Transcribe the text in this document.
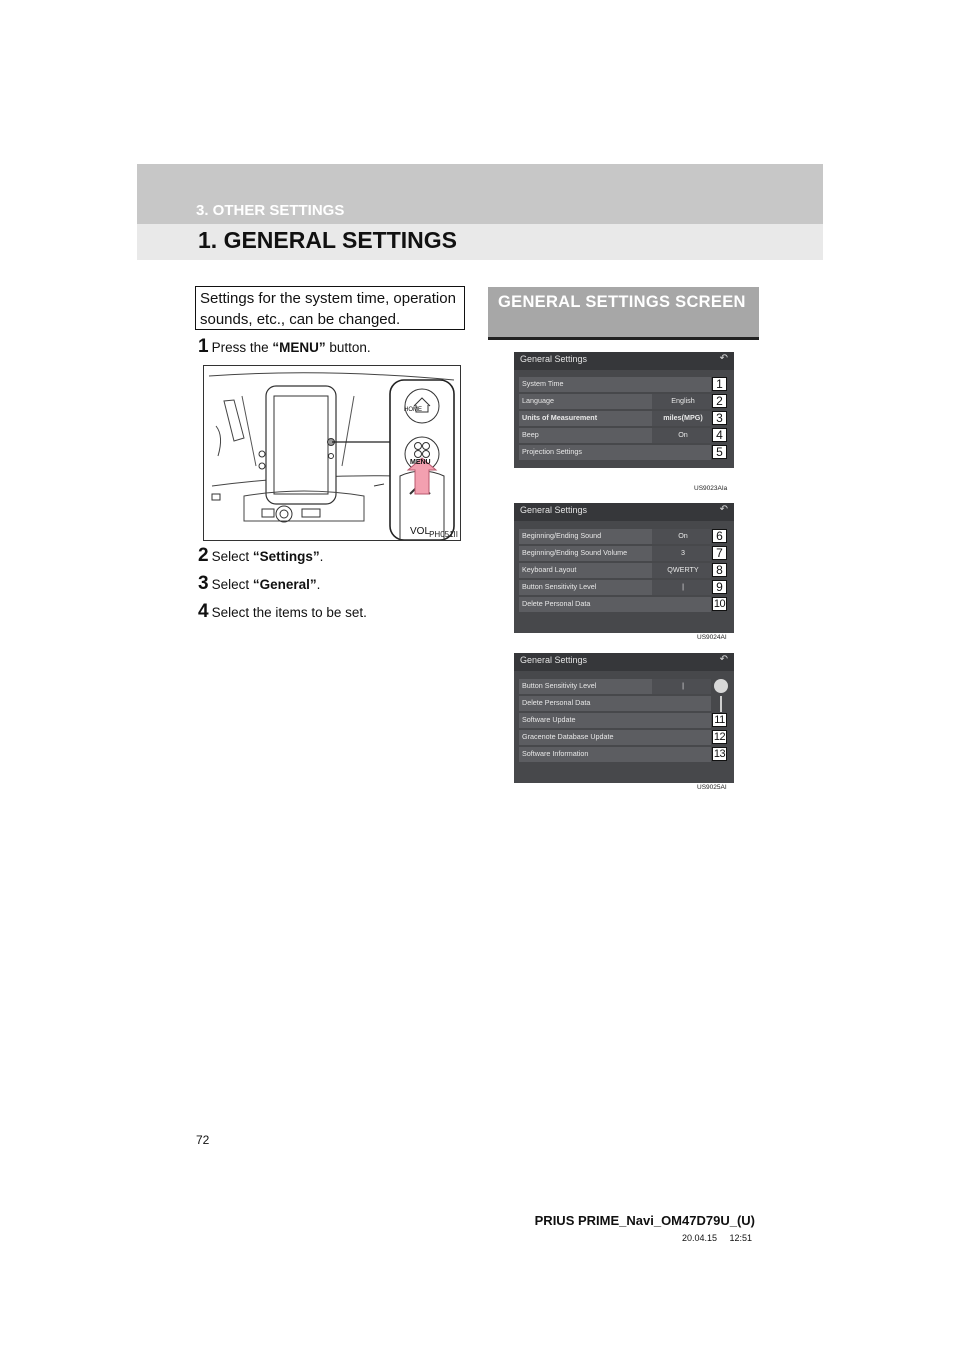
3. OTHER SETTINGS
1. GENERAL SETTINGS
Settings for the system time, operation sounds, etc., can be changed.
1 Press the “MENU” button.
HOME
MENU
VOL PH051II
2 Select “Settings”.
3 Select “General”.
4 Select the items to be set.
GENERAL SETTINGS SCREEN
General Settings	↶
System Time	1
Language	English	2
Units of Measurement	miles(MPG)	3
Beep	On	4
Projection Settings	5
US9023AIa
General Settings	↶
Beginning/Ending Sound	On	6
Beginning/Ending Sound Volume	3	7
Keyboard Layout	QWERTY	8
Button Sensitivity Level	|	9
Delete Personal Data	10
US9024AI
General Settings	↶
Button Sensitivity Level	|
Delete Personal Data
Software Update	11
Gracenote Database Update	12
Software Information	13
US9025AI
72
PRIUS PRIME_Navi_OM47D79U_(U)
20.04.15     12:51
